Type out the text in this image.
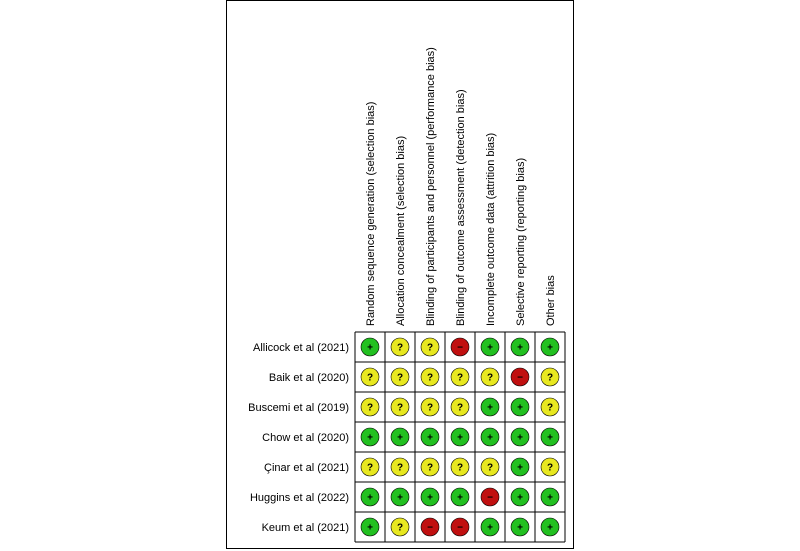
Random sequence generation (selection bias) Allocation concealment (selection bias) Blinding of participants and personnel (performance bias) Blinding of outcome assessment (detection bias) Incomplete outcome data (attrition bias) Selective reporting (reporting bias) Other bias
Allicock et al (2021)
Baik et al (2020)
Buscemi et al (2019)
Chow et al (2020)
Çinar et al (2021)
Huggins et al (2022)
Keum et al (2021)
+ ? ? − + + +
? ? ? ? ? − ?
? ? ? ? + + ?
+ + + + + + +
? ? ? ? ? + ?
+ + + + − + +
+ ? − − + + +
